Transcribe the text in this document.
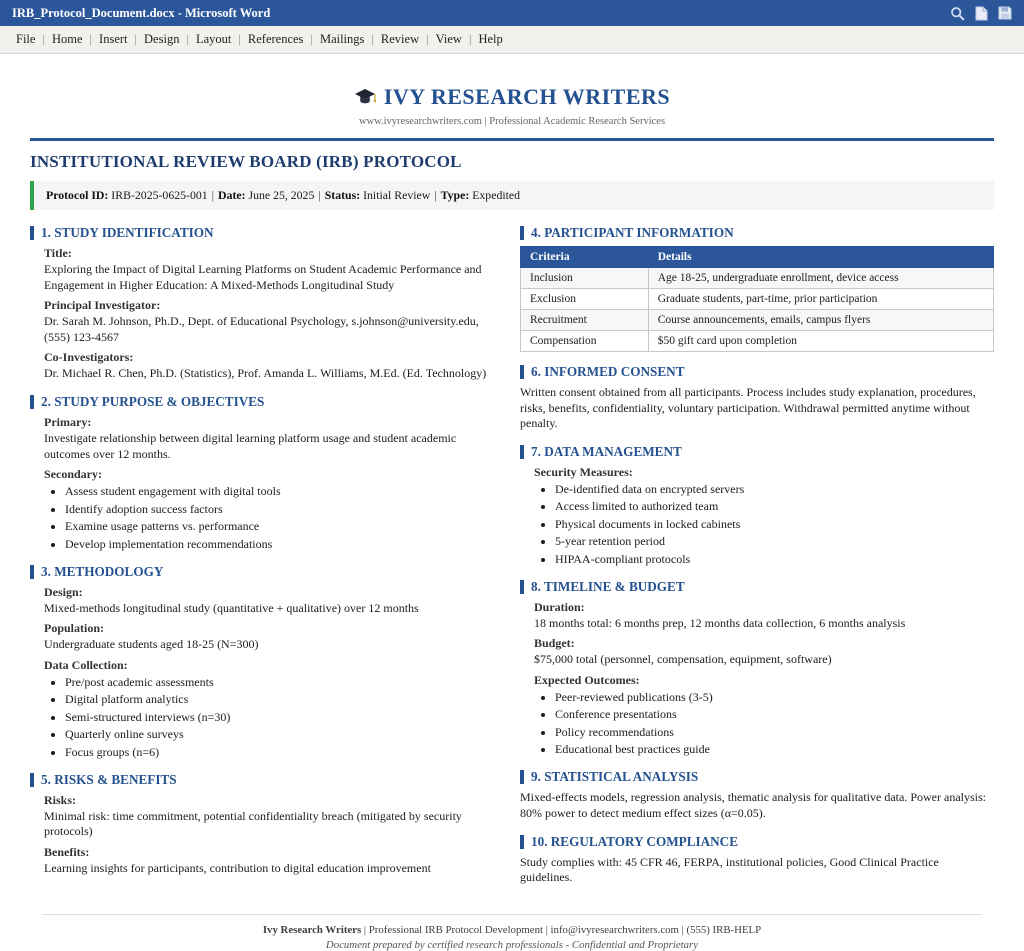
IRB_Protocol_Document.docx - Microsoft Word
File | Home | Insert | Design | Layout | References | Mailings | Review | View | Help
IVY RESEARCH WRITERS
www.ivyresearchwriters.com | Professional Academic Research Services
INSTITUTIONAL REVIEW BOARD (IRB) PROTOCOL
Protocol ID: IRB-2025-0625-001 | Date: June 25, 2025 | Status: Initial Review | Type: Expedited
1. STUDY IDENTIFICATION
Title:
Exploring the Impact of Digital Learning Platforms on Student Academic Performance and Engagement in Higher Education: A Mixed-Methods Longitudinal Study
Principal Investigator:
Dr. Sarah M. Johnson, Ph.D., Dept. of Educational Psychology, s.johnson@university.edu, (555) 123-4567
Co-Investigators:
Dr. Michael R. Chen, Ph.D. (Statistics), Prof. Amanda L. Williams, M.Ed. (Ed. Technology)
2. STUDY PURPOSE & OBJECTIVES
Primary:
Investigate relationship between digital learning platform usage and student academic outcomes over 12 months.
Secondary:
• Assess student engagement with digital tools
• Identify adoption success factors
• Examine usage patterns vs. performance
• Develop implementation recommendations
3. METHODOLOGY
Design:
Mixed-methods longitudinal study (quantitative + qualitative) over 12 months
Population:
Undergraduate students aged 18-25 (N=300)
Data Collection:
• Pre/post academic assessments
• Digital platform analytics
• Semi-structured interviews (n=30)
• Quarterly online surveys
• Focus groups (n=6)
5. RISKS & BENEFITS
Risks:
Minimal risk: time commitment, potential confidentiality breach (mitigated by security protocols)
Benefits:
Learning insights for participants, contribution to digital education improvement
4. PARTICIPANT INFORMATION
Criteria	Details
Inclusion	Age 18-25, undergraduate enrollment, device access
Exclusion	Graduate students, part-time, prior participation
Recruitment	Course announcements, emails, campus flyers
Compensation	$50 gift card upon completion
6. INFORMED CONSENT
Written consent obtained from all participants. Process includes study explanation, procedures, risks, benefits, confidentiality, voluntary participation. Withdrawal permitted anytime without penalty.
7. DATA MANAGEMENT
Security Measures:
• De-identified data on encrypted servers
• Access limited to authorized team
• Physical documents in locked cabinets
• 5-year retention period
• HIPAA-compliant protocols
8. TIMELINE & BUDGET
Duration:
18 months total: 6 months prep, 12 months data collection, 6 months analysis
Budget:
$75,000 total (personnel, compensation, equipment, software)
Expected Outcomes:
• Peer-reviewed publications (3-5)
• Conference presentations
• Policy recommendations
• Educational best practices guide
9. STATISTICAL ANALYSIS
Mixed-effects models, regression analysis, thematic analysis for qualitative data. Power analysis: 80% power to detect medium effect sizes (α=0.05).
10. REGULATORY COMPLIANCE
Study complies with: 45 CFR 46, FERPA, institutional policies, Good Clinical Practice guidelines.
Ivy Research Writers | Professional IRB Protocol Development | info@ivyresearchwriters.com | (555) IRB-HELP
Document prepared by certified research professionals - Confidential and Proprietary
